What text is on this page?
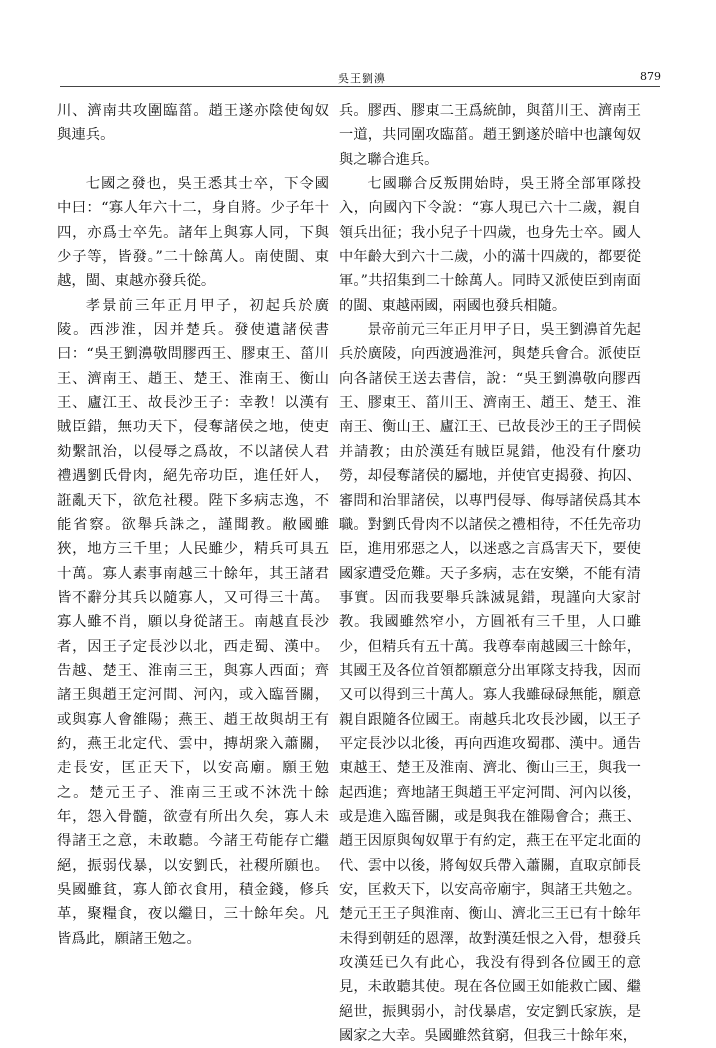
吳王劉濞	879

川、濟南共攻圍臨菑。趙王遂亦陰使匈奴與連兵。

七國之發也，吳王悉其士卒，下令國中曰：“寡人年六十二，身自將。少子年十四，亦爲士卒先。諸年上與寡人同，下與少子等，皆發。”二十餘萬人。南使閩、東越，閩、東越亦發兵從。

孝景前三年正月甲子，初起兵於廣陵。西涉淮，因并楚兵。發使遺諸侯書曰：“吳王劉濞敬問膠西王、膠東王、菑川王、濟南王、趙王、楚王、淮南王、衡山王、廬江王、故長沙王子：幸教！以漢有賊臣錯，無功天下，侵奪諸侯之地，使吏劾繫訊治，以侵辱之爲故，不以諸侯人君禮遇劉氏骨肉，絕先帝功臣，進任奸人，誑亂天下，欲危社稷。陛下多病志逸，不能省察。欲舉兵誅之，謹聞教。敝國雖狹，地方三千里；人民雖少，精兵可具五十萬。寡人素事南越三十餘年，其王諸君皆不辭分其兵以隨寡人，又可得三十萬。寡人雖不肖，願以身從諸王。南越直長沙者，因王子定長沙以北，西走蜀、漢中。告越、楚王、淮南三王，與寡人西面；齊諸王與趙王定河間、河內，或入臨晉關，或與寡人會雒陽；燕王、趙王故與胡王有約，燕王北定代、雲中，摶胡衆入蕭關，走長安，匡正天下，以安高廟。願王勉之。楚元王子、淮南三王或不沐洗十餘年，怨入骨髓，欲壹有所出久矣，寡人未得諸王之意，未敢聽。今諸王苟能存亡繼絕，振弱伐暴，以安劉氏，社稷所願也。吳國雖貧，寡人節衣食用，積金錢，修兵革，聚糧食，夜以繼日，三十餘年矣。凡皆爲此，願諸王勉之。

兵。膠西、膠東二王爲統帥，與菑川王、濟南王一道，共同圍攻臨菑。趙王劉遂於暗中也讓匈奴與之聯合進兵。

七國聯合反叛開始時，吳王將全部軍隊投入，向國內下令說：“寡人現已六十二歲，親自領兵出征；我小兒子十四歲，也身先士卒。國人中年齡大到六十二歲，小的滿十四歲的，都要從軍。”共招集到二十餘萬人。同時又派使臣到南面的閩、東越兩國，兩國也發兵相隨。

景帝前元三年正月甲子日，吳王劉濞首先起兵於廣陵，向西渡過淮河，與楚兵會合。派使臣向各諸侯王送去書信，說：“吳王劉濞敬向膠西王、膠東王、菑川王、濟南王、趙王、楚王、淮南王、衡山王、廬江王、已故長沙王的王子問候并請教；由於漢廷有賊臣晁錯，他没有什麼功勞，却侵奪諸侯的屬地，并使官吏揭發、拘囚、審問和治罪諸侯，以專門侵辱、侮辱諸侯爲其本職。對劉氏骨肉不以諸侯之禮相待，不任先帝功臣，進用邪惡之人，以迷惑之言爲害天下，要使國家遭受危難。天子多病，志在安樂，不能有清事實。因而我要舉兵誅滅晁錯，現謹向大家討教。我國雖然窄小，方圓衹有三千里，人口雖少，但精兵有五十萬。我尊奉南越國三十餘年，其國王及各位首領都願意分出軍隊支持我，因而又可以得到三十萬人。寡人我雖碌碌無能，願意親自跟隨各位國王。南越兵北攻長沙國，以王子平定長沙以北後，再向西進攻蜀郡、漢中。通告東越王、楚王及淮南、濟北、衡山三王，與我一起西進；齊地諸王與趙王平定河間、河內以後，或是進入臨晉關，或是與我在雒陽會合；燕王、趙王因原與匈奴單于有約定，燕王在平定北面的代、雲中以後，將匈奴兵帶入蕭關，直取京師長安，匡救天下，以安高帝廟宇，與諸王共勉之。楚元王王子與淮南、衡山、濟北三王已有十餘年未得到朝廷的恩澤，故對漢廷恨之入骨，想發兵攻漢廷已久有此心，我没有得到各位國王的意見，未敢聽其使。現在各位國王如能救亡國、繼絕世，振興弱小，討伐暴虐，安定劉氏家族，是國家之大幸。吳國雖然貧窮，但我三十餘年來，
